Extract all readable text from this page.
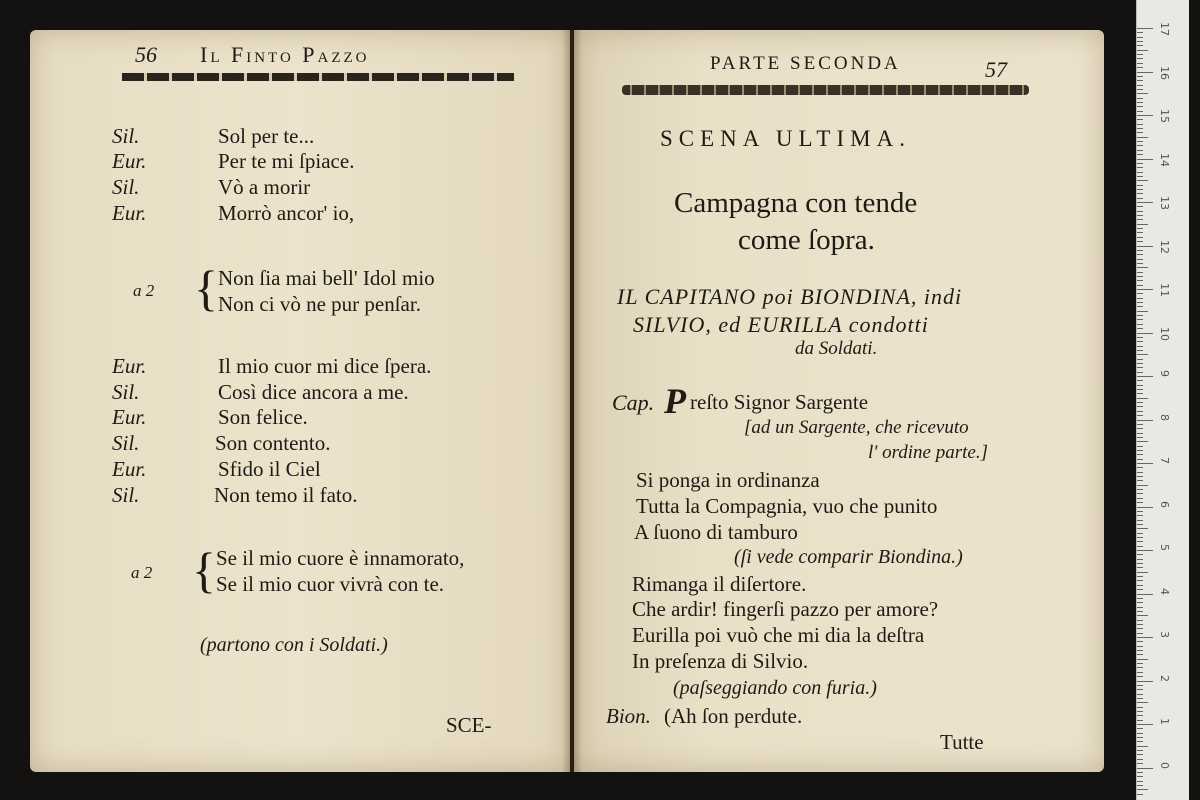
56 Il Finto Pazzo
Sil.	Sol per te...
Eur.	Per te mi ſpiace.
Sil.	Vò a morir
Eur.	Morrò ancor' io,
a 2 { Non ſia mai bell' Idol mio
Non ci vò ne pur penſar.
Eur.	Il mio cuor mi dice ſpera.
Sil.	Così dice ancora a me.
Eur.	Son felice.
Sil.	Son contento.
Eur.	Sfido il Ciel
Sil.	Non temo il fato.
a 2 { Se il mio cuore è innamorato,
Se il mio cuor vivrà con te.
(partono con i Soldati.)
SCE-
PARTE SECONDA	57
SCENA ULTIMA.
Campagna con tende
come ſopra.
IL CAPITANO poi BIONDINA, indi
SILVIO, ed EURILLA condotti
da Soldati.
Cap. P reſto Signor Sargente
[ad un Sargente, che ricevuto
l' ordine parte.]
Si ponga in ordinanza
Tutta la Compagnia, vuo che punito
A ſuono di tamburo
(ſi vede comparir Biondina.)
Rimanga il diſertore.
Che ardir! fingerſi pazzo per amore?
Eurilla poi vuò che mi dia la deſtra
In preſenza di Silvio.
(paſseggiando con furia.)
Bion. (Ah ſon perdute.
Tutte
17
16
15
14
13
12
11
10
9
8
7
6
5
4
3
2
1
0
